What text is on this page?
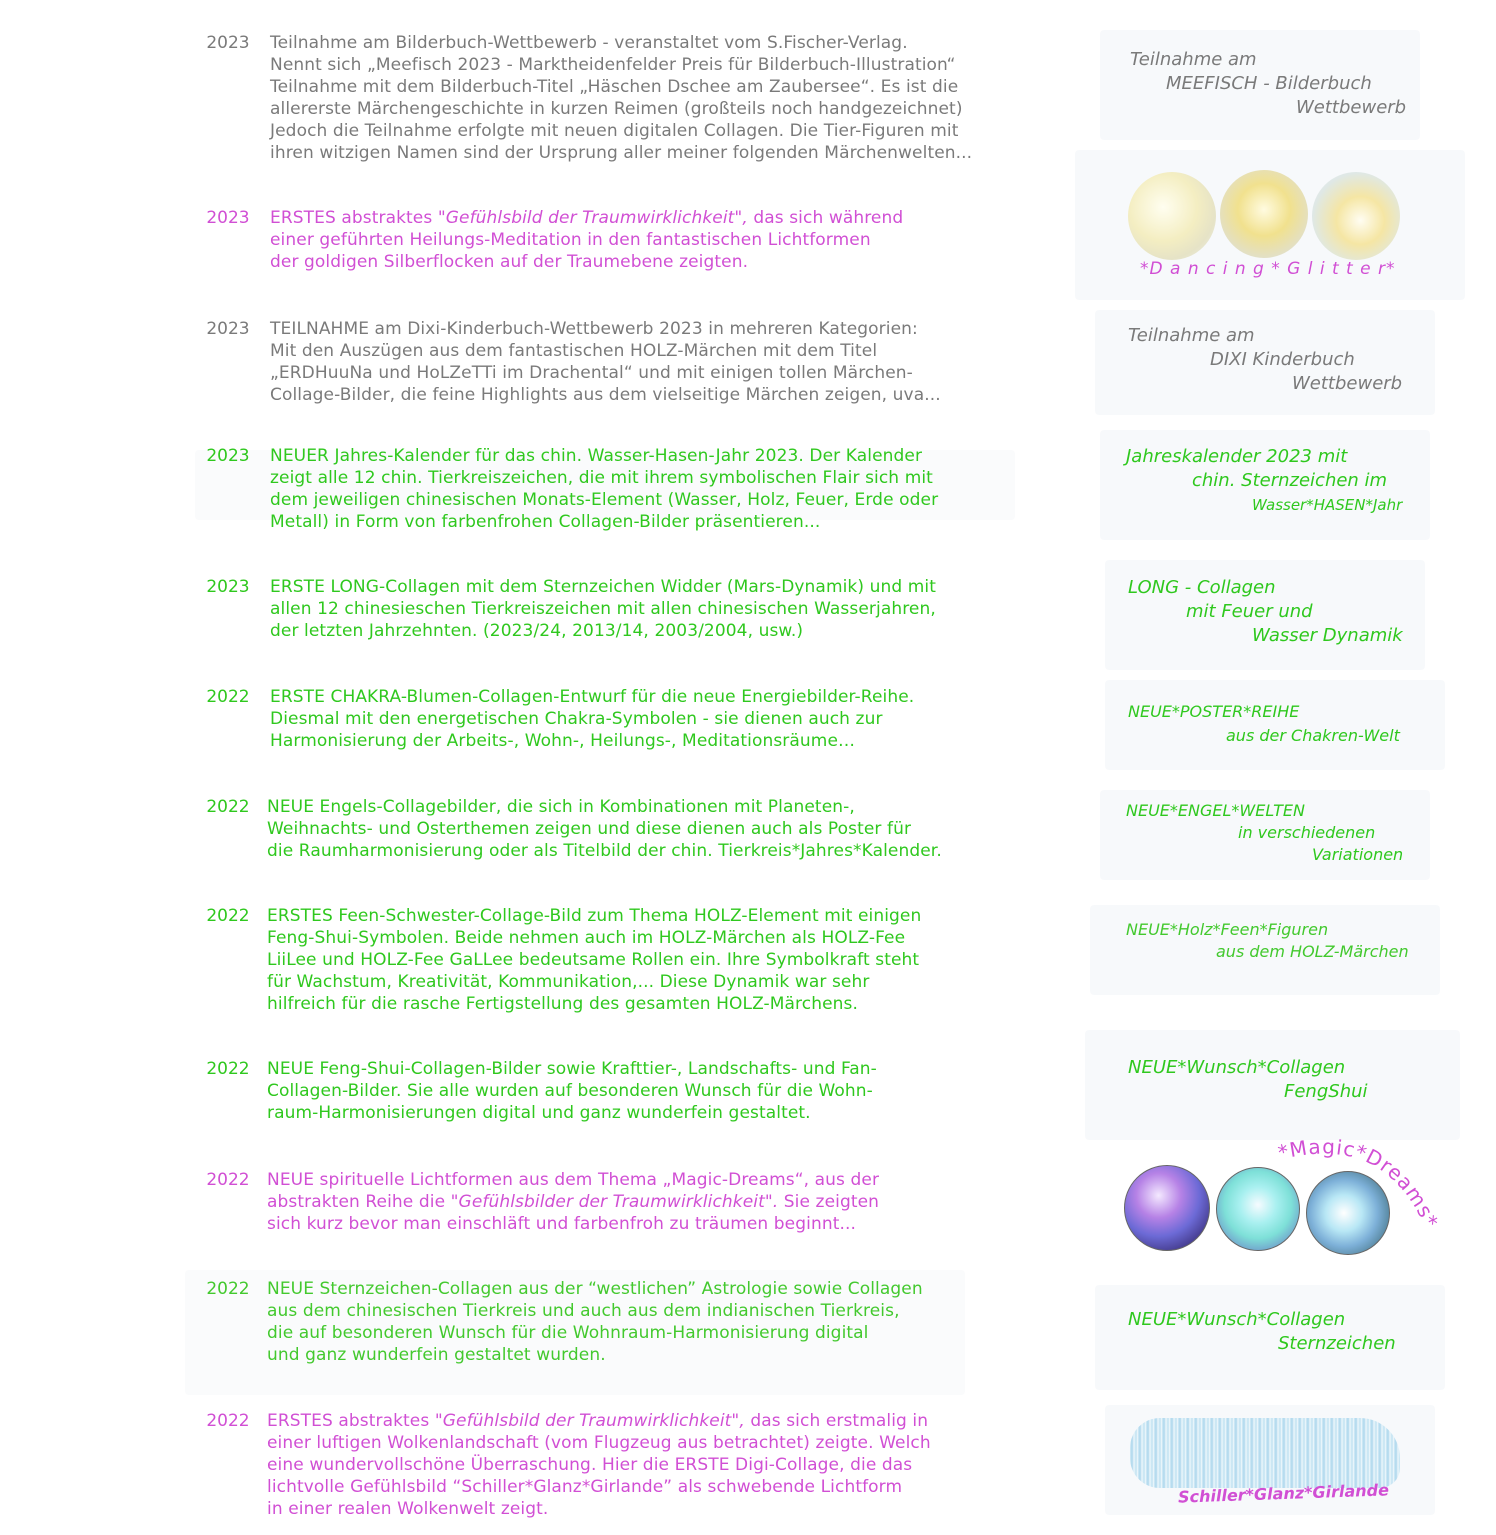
2023	Teilnahme am Bilderbuch-Wettbewerb - veranstaltet vom S.Fischer-Verlag.
Nennt sich „Meefisch 2023 - Marktheidenfelder Preis für Bilderbuch-Illustration“
Teilnahme mit dem Bilderbuch-Titel „Häschen Dschee am Zaubersee“. Es ist die
allererste Märchengeschichte in kurzen Reimen (großteils noch handgezeichnet)
Jedoch die Teilnahme erfolgte mit neuen digitalen Collagen. Die Tier-Figuren mit
ihren witzigen Namen sind der Ursprung aller meiner folgenden Märchenwelten...
Teilnahme am
MEEFISCH - Bilderbuch
Wettbewerb
2023	ERSTES abstraktes "Gefühlsbild der Traumwirklichkeit", das sich während
einer geführten Heilungs-Meditation in den fantastischen Lichtformen
der goldigen Silberflocken auf der Traumebene zeigten.	*D a n c i n g * G l i t t e r*
2023	TEILNAHME am Dixi-Kinderbuch-Wettbewerb 2023 in mehreren Kategorien:
Mit den Auszügen aus dem fantastischen HOLZ-Märchen mit dem Titel
„ERDHuuNa und HoLZeTTi im Drachental“ und mit einigen tollen Märchen-
Collage-Bilder, die feine Highlights aus dem vielseitige Märchen zeigen, uva...
Teilnahme am
DIXI Kinderbuch
Wettbewerb
2023	NEUER Jahres-Kalender für das chin. Wasser-Hasen-Jahr 2023. Der Kalender
zeigt alle 12 chin. Tierkreiszeichen, die mit ihrem symbolischen Flair sich mit
dem jeweiligen chinesischen Monats-Element (Wasser, Holz, Feuer, Erde oder
Metall) in Form von farbenfrohen Collagen-Bilder präsentieren...
Jahreskalender 2023 mit
chin. Sternzeichen im
Wasser*HASEN*Jahr
2023	ERSTE LONG-Collagen mit dem Sternzeichen Widder (Mars-Dynamik) und mit
allen 12 chinesieschen Tierkreiszeichen mit allen chinesischen Wasserjahren,
der letzten Jahrzehnten. (2023/24, 2013/14, 2003/2004, usw.)
LONG - Collagen
mit Feuer und
Wasser Dynamik
2022	ERSTE CHAKRA-Blumen-Collagen-Entwurf für die neue Energiebilder-Reihe.
Diesmal mit den energetischen Chakra-Symbolen - sie dienen auch zur
Harmonisierung der Arbeits-, Wohn-, Heilungs-, Meditationsräume…
NEUE*POSTER*REIHE
aus der Chakren-Welt
2022	NEUE Engels-Collagebilder, die sich in Kombinationen mit Planeten-,
Weihnachts- und Osterthemen zeigen und diese dienen auch als Poster für
die Raumharmonisierung oder als Titelbild der chin. Tierkreis*Jahres*Kalender.
NEUE*ENGEL*WELTEN
in verschiedenen
Variationen
2022	ERSTES Feen-Schwester-Collage-Bild zum Thema HOLZ-Element mit einigen
Feng-Shui-Symbolen. Beide nehmen auch im HOLZ-Märchen als HOLZ-Fee
LiiLee und HOLZ-Fee GaLLee bedeutsame Rollen ein. Ihre Symbolkraft steht
für Wachstum, Kreativität, Kommunikation,... Diese Dynamik war sehr
hilfreich für die rasche Fertigstellung des gesamten HOLZ-Märchens.
NEUE*Holz*Feen*Figuren
aus dem HOLZ-Märchen
2022	NEUE Feng-Shui-Collagen-Bilder sowie Krafttier-, Landschafts- und Fan-
Collagen-Bilder. Sie alle wurden auf besonderen Wunsch für die Wohn-
raum-Harmonisierungen digital und ganz wunderfein gestaltet.
NEUE*Wunsch*Collagen
FengShui
2022	NEUE spirituelle Lichtformen aus dem Thema „Magic-Dreams“, aus der
abstrakten Reihe die "Gefühlsbilder der Traumwirklichkeit". Sie zeigten
sich kurz bevor man einschläft und farbenfroh zu träumen beginnt...
*Magic*Dreams*
2022	NEUE Sternzeichen-Collagen aus der “westlichen” Astrologie sowie Collagen
aus dem chinesischen Tierkreis und auch aus dem indianischen Tierkreis,
die auf besonderen Wunsch für die Wohnraum-Harmonisierung digital
und ganz wunderfein gestaltet wurden.
NEUE*Wunsch*Collagen
Sternzeichen
2022	ERSTES abstraktes "Gefühlsbild der Traumwirklichkeit", das sich erstmalig in
einer luftigen Wolkenlandschaft (vom Flugzeug aus betrachtet) zeigte. Welch
eine wundervollschöne Überraschung. Hier die ERSTE Digi-Collage, die das
lichtvolle Gefühlsbild “Schiller*Glanz*Girlande” als schwebende Lichtform
in einer realen Wolkenwelt zeigt.
Schiller*Glanz*Girlande
